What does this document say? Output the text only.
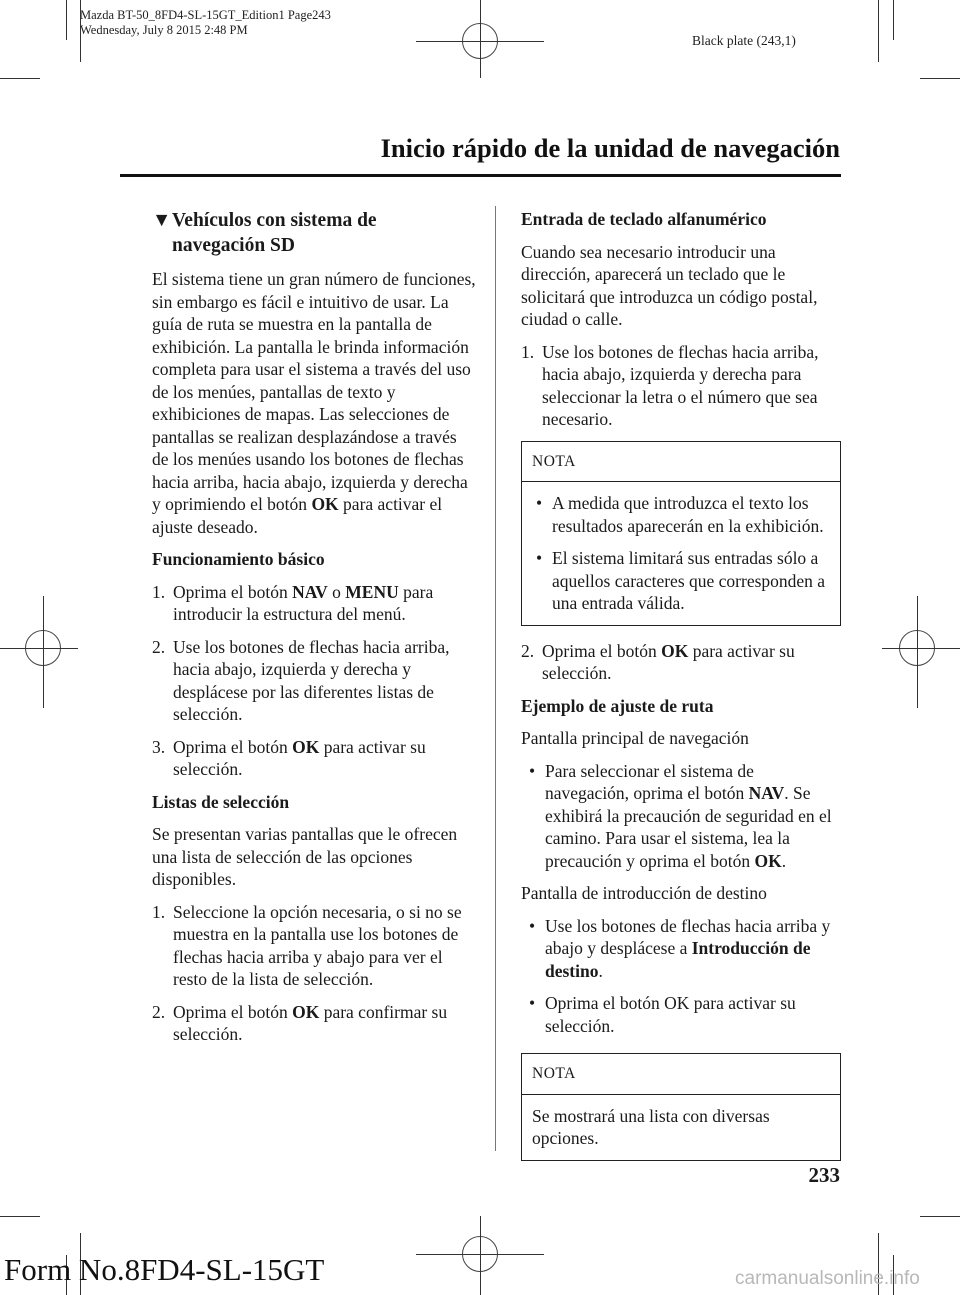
Mazda BT-50_8FD4-SL-15GT_Edition1 Page243
Wednesday, July 8 2015 2:48 PM
Black plate (243,1)
Inicio rápido de la unidad de navegación
▼ Vehículos con sistema de
navegación SD

El sistema tiene un gran número de funciones, sin embargo es fácil e intuitivo de usar. La guía de ruta se muestra en la pantalla de exhibición. La pantalla le brinda información completa para usar el sistema a través del uso de los menúes, pantallas de texto y exhibiciones de mapas. Las selecciones de pantallas se realizan desplazándose a través de los menúes usando los botones de flechas hacia arriba, hacia abajo, izquierda y derecha y oprimiendo el botón OK para activar el ajuste deseado.

Funcionamiento básico
1. Oprima el botón NAV o MENU para introducir la estructura del menú.
2. Use los botones de flechas hacia arriba, hacia abajo, izquierda y derecha y desplácese por las diferentes listas de selección.
3. Oprima el botón OK para activar su selección.
Listas de selección

Se presentan varias pantallas que le ofrecen una lista de selección de las opciones disponibles.

1. Seleccione la opción necesaria, o si no se muestra en la pantalla use los botones de flechas hacia arriba y abajo para ver el resto de la lista de selección.
2. Oprima el botón OK para confirmar su selección.
Entrada de teclado alfanumérico

Cuando sea necesario introducir una dirección, aparecerá un teclado que le solicitará que introduzca un código postal, ciudad o calle.

1. Use los botones de flechas hacia arriba, hacia abajo, izquierda y derecha para seleccionar la letra o el número que sea necesario.
NOTA
• A medida que introduzca el texto los resultados aparecerán en la exhibición.
• El sistema limitará sus entradas sólo a aquellos caracteres que corresponden a una entrada válida.
2. Oprima el botón OK para activar su selección.
Ejemplo de ajuste de ruta

Pantalla principal de navegación

• Para seleccionar el sistema de navegación, oprima el botón NAV. Se exhibirá la precaución de seguridad en el camino. Para usar el sistema, lea la precaución y oprima el botón OK.

Pantalla de introducción de destino

• Use los botones de flechas hacia arriba y abajo y desplácese a Introducción de destino.
• Oprima el botón OK para activar su selección.
NOTA

Se mostrará una lista con diversas opciones.

233
Form No.8FD4-SL-15GT	carmanualsonline.info
